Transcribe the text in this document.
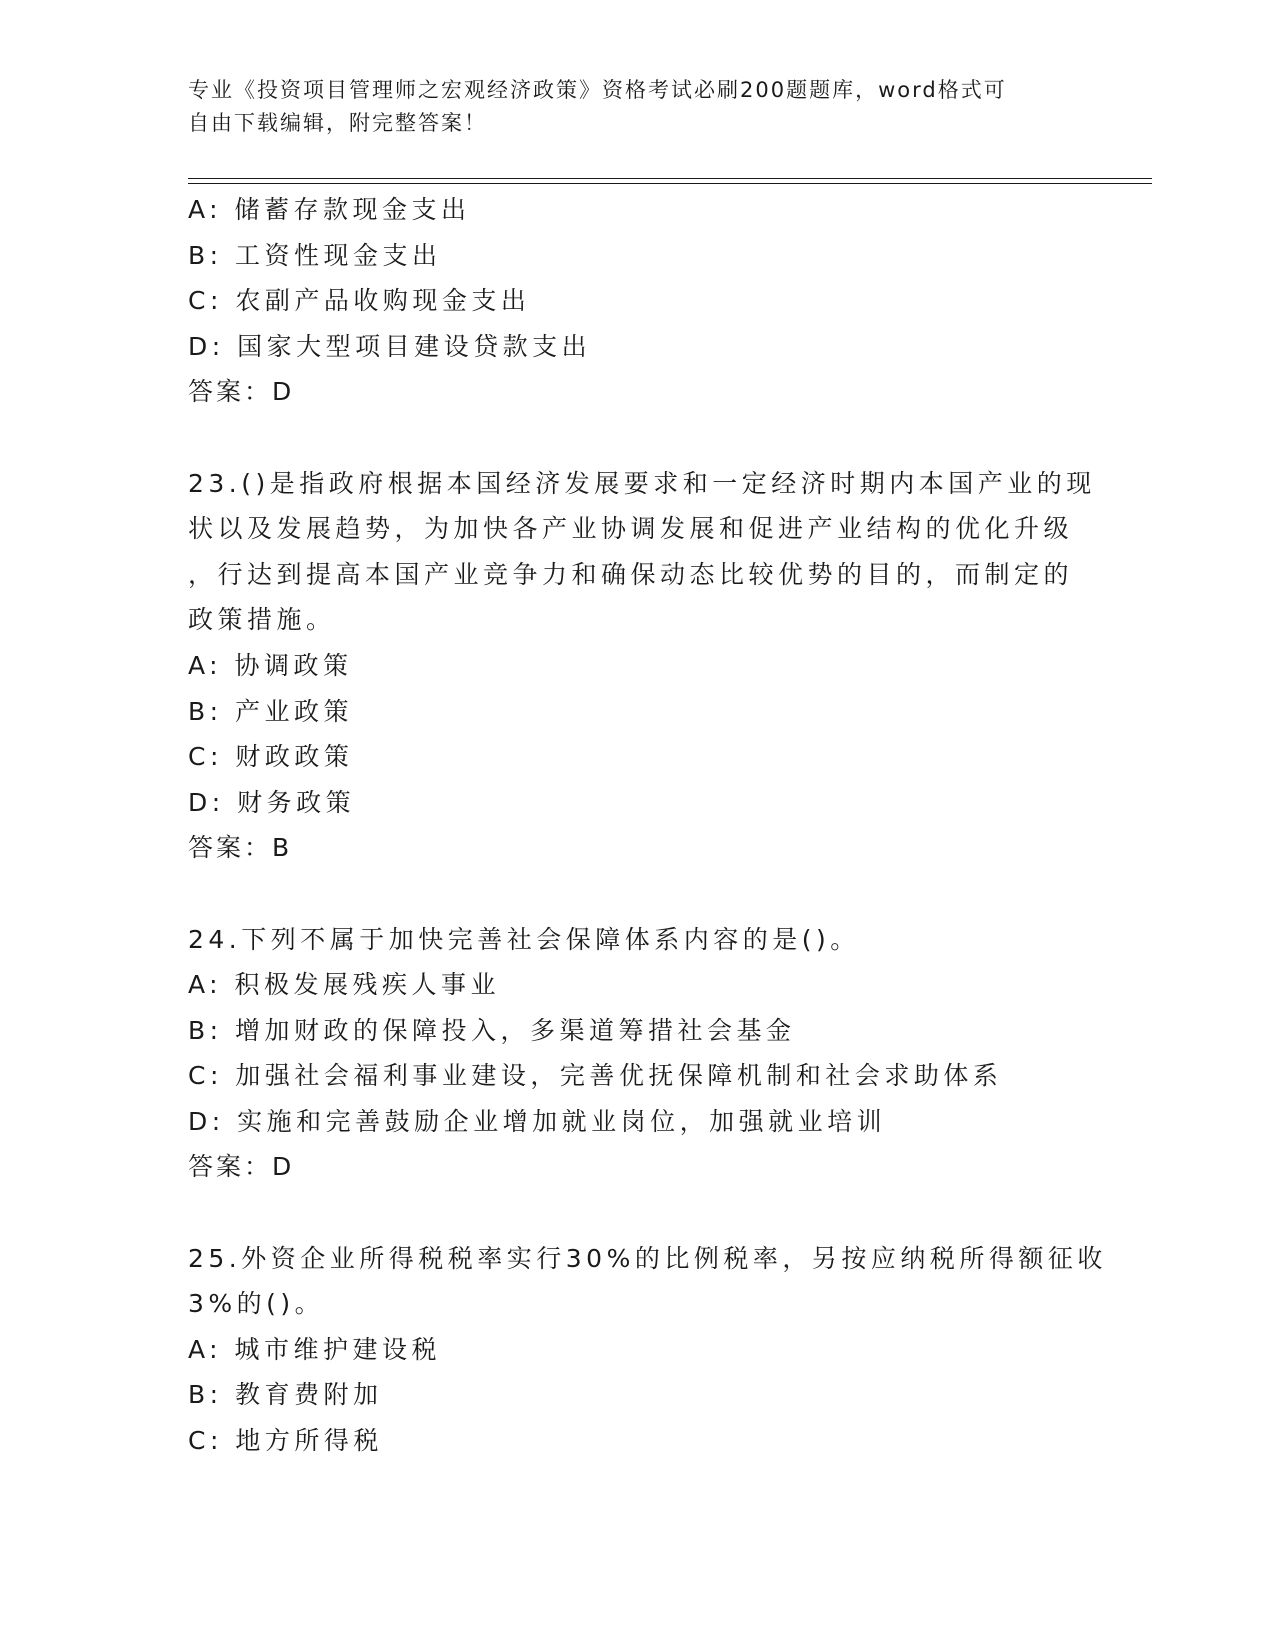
专业《投资项目管理师之宏观经济政策》资格考试必刷200题题库，word格式可
自由下载编辑，附完整答案！
A: 储蓄存款现金支出
B: 工资性现金支出
C: 农副产品收购现金支出
D: 国家大型项目建设贷款支出
答案：D
23.()是指政府根据本国经济发展要求和一定经济时期内本国产业的现
状以及发展趋势，为加快各产业协调发展和促进产业结构的优化升级
，行达到提高本国产业竞争力和确保动态比较优势的目的，而制定的
政策措施。
A: 协调政策
B: 产业政策
C: 财政政策
D: 财务政策
答案：B
24.下列不属于加快完善社会保障体系内容的是()。
A: 积极发展残疾人事业
B: 增加财政的保障投入，多渠道筹措社会基金
C: 加强社会福利事业建设，完善优抚保障机制和社会求助体系
D: 实施和完善鼓励企业增加就业岗位，加强就业培训
答案：D
25.外资企业所得税税率实行30%的比例税率，另按应纳税所得额征收
3%的()。
A: 城市维护建设税
B: 教育费附加
C: 地方所得税
